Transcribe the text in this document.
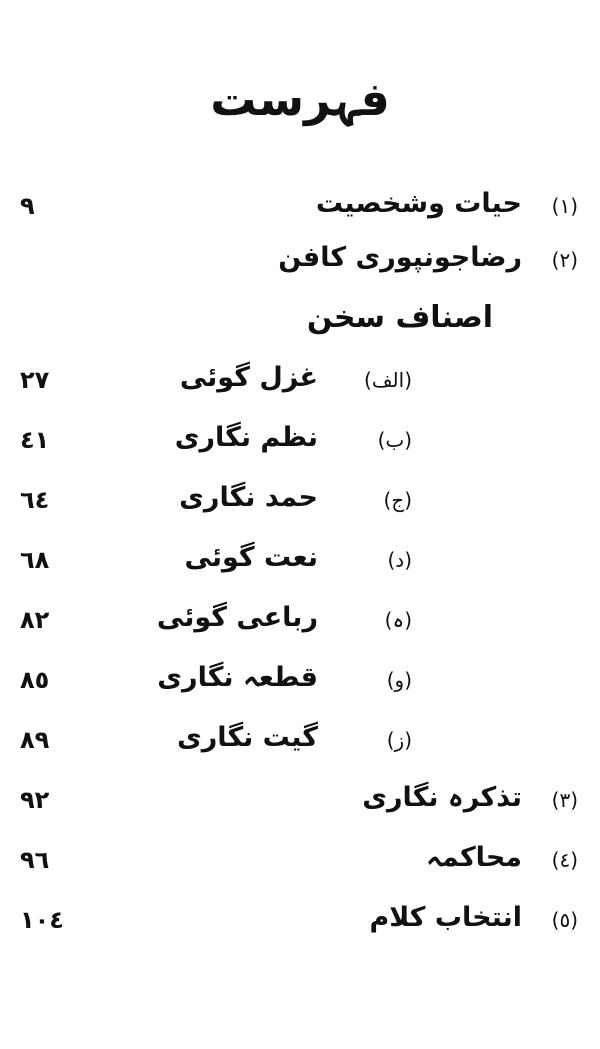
فہرست
(١)
حیات وشخصیت
٩
(٢)
رضاجونپوری کافن
اصناف سخن
(الف)
غزل گوئی
٢٧
(ب)
نظم نگاری
٤١
(ج)
حمد نگاری
٦٤
(د)
نعت گوئی
٦٨
(ہ)
رباعی گوئی
٨٢
(و)
قطعہ نگاری
٨٥
(ز)
گیت نگاری
٨٩
(٣)
تذکرہ نگاری
٩٢
(٤)
محاکمہ
٩٦
(٥)
انتخاب کلام
١٠٤
